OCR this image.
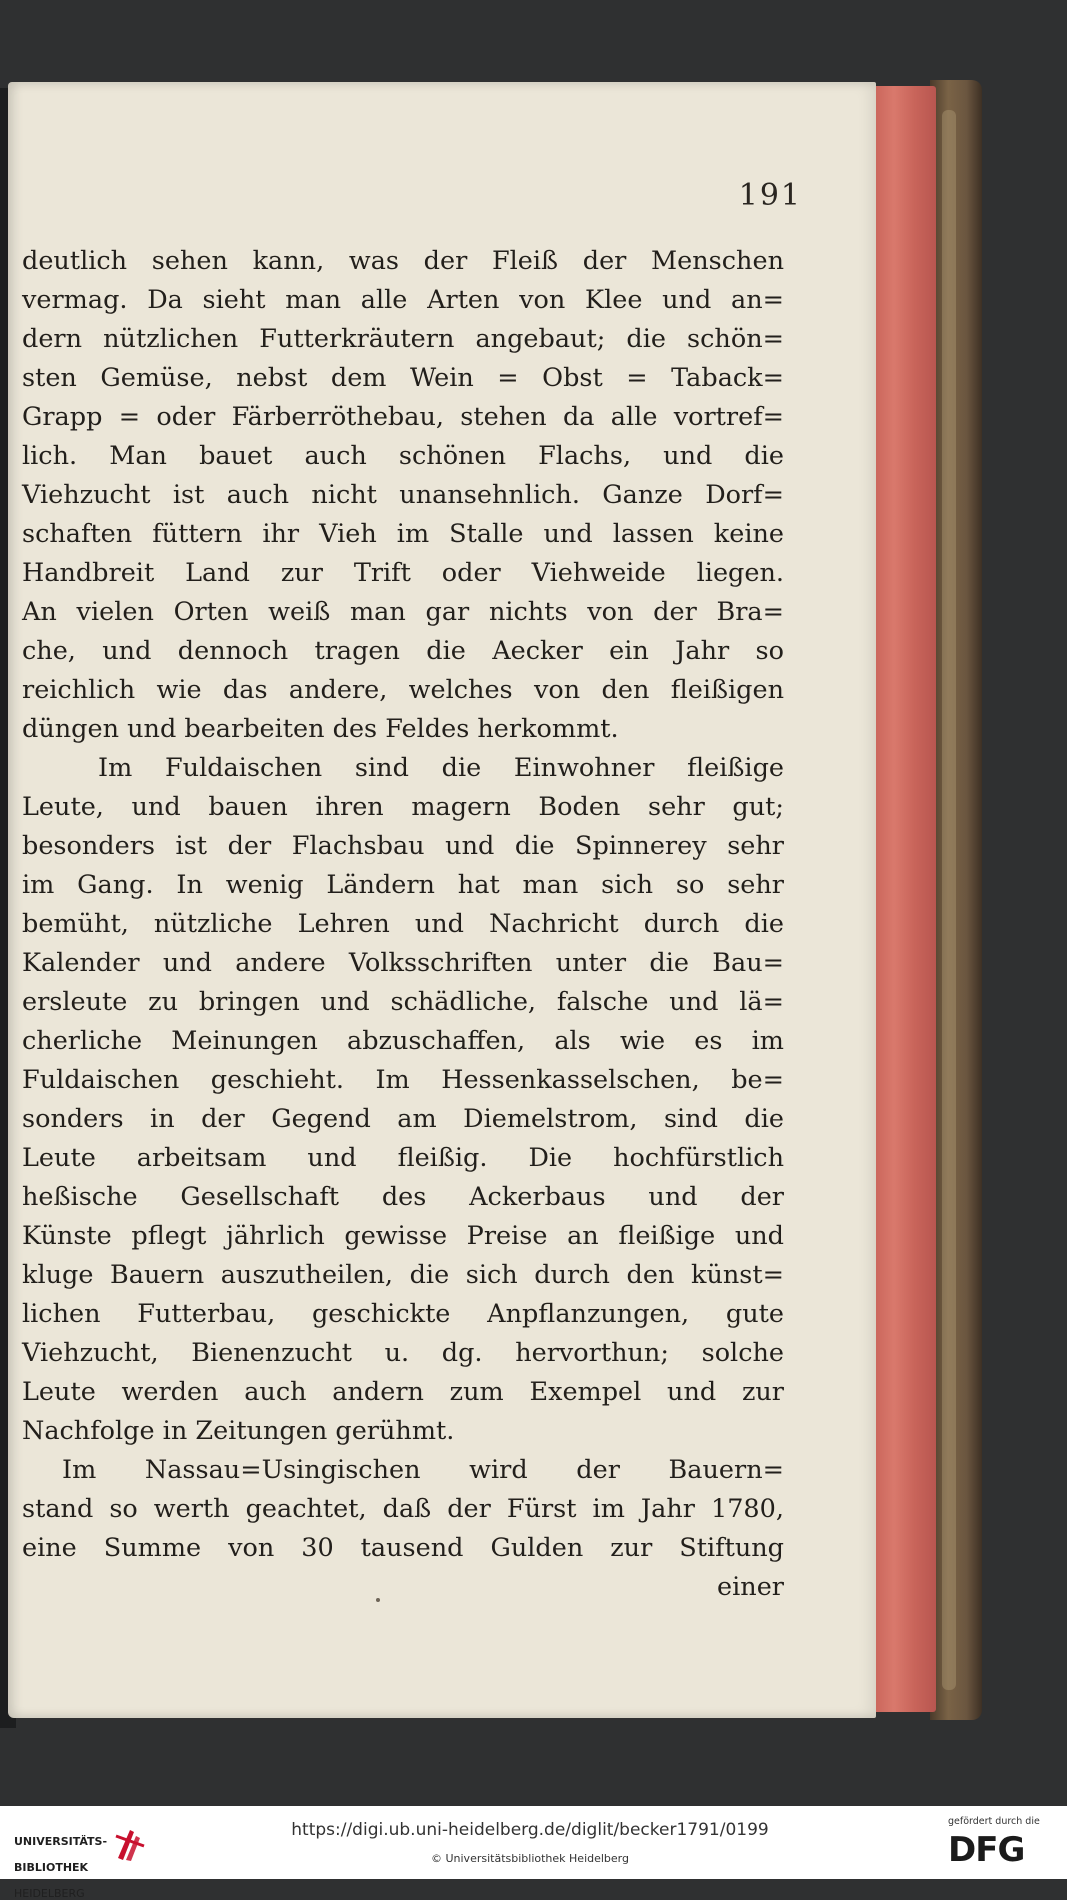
191
deutlich sehen kann, was der Fleiß der Menschen
vermag. Da sieht man alle Arten von Klee und an=
dern nützlichen Futterkräutern angebaut; die schön=
sten Gemüse, nebst dem Wein = Obst = Taback=
Grapp = oder Färberröthebau, stehen da alle vortref=
lich. Man bauet auch schönen Flachs, und die
Viehzucht ist auch nicht unansehnlich. Ganze Dorf=
schaften füttern ihr Vieh im Stalle und lassen keine
Handbreit Land zur Trift oder Viehweide liegen.
An vielen Orten weiß man gar nichts von der Bra=
che, und dennoch tragen die Aecker ein Jahr so
reichlich wie das andere, welches von den fleißigen
düngen und bearbeiten des Feldes herkommt.
Im Fuldaischen sind die Einwohner fleißige
Leute, und bauen ihren magern Boden sehr gut;
besonders ist der Flachsbau und die Spinnerey sehr
im Gang. In wenig Ländern hat man sich so sehr
bemüht, nützliche Lehren und Nachricht durch die
Kalender und andere Volksschriften unter die Bau=
ersleute zu bringen und schädliche, falsche und lä=
cherliche Meinungen abzuschaffen, als wie es im
Fuldaischen geschieht. Im Hessenkasselschen, be=
sonders in der Gegend am Diemelstrom, sind die
Leute arbeitsam und fleißig. Die hochfürstlich
heßische Gesellschaft des Ackerbaus und der
Künste pflegt jährlich gewisse Preise an fleißige und
kluge Bauern auszutheilen, die sich durch den künst=
lichen Futterbau, geschickte Anpflanzungen, gute
Viehzucht, Bienenzucht u. dg. hervorthun; solche
Leute werden auch andern zum Exempel und zur
Nachfolge in Zeitungen gerühmt.
Im Nassau=Usingischen wird der Bauern=
stand so werth geachtet, daß der Fürst im Jahr 1780,
eine Summe von 30 tausend Gulden zur Stiftung
einer

UNIVERSITÄTS-

BIBLIOTHEK

HEIDELBERG

https://digi.ub.uni-heidelberg.de/diglit/becker1791/0199
© Universitätsbibliothek Heidelberg
gefördert durch die
DFG
